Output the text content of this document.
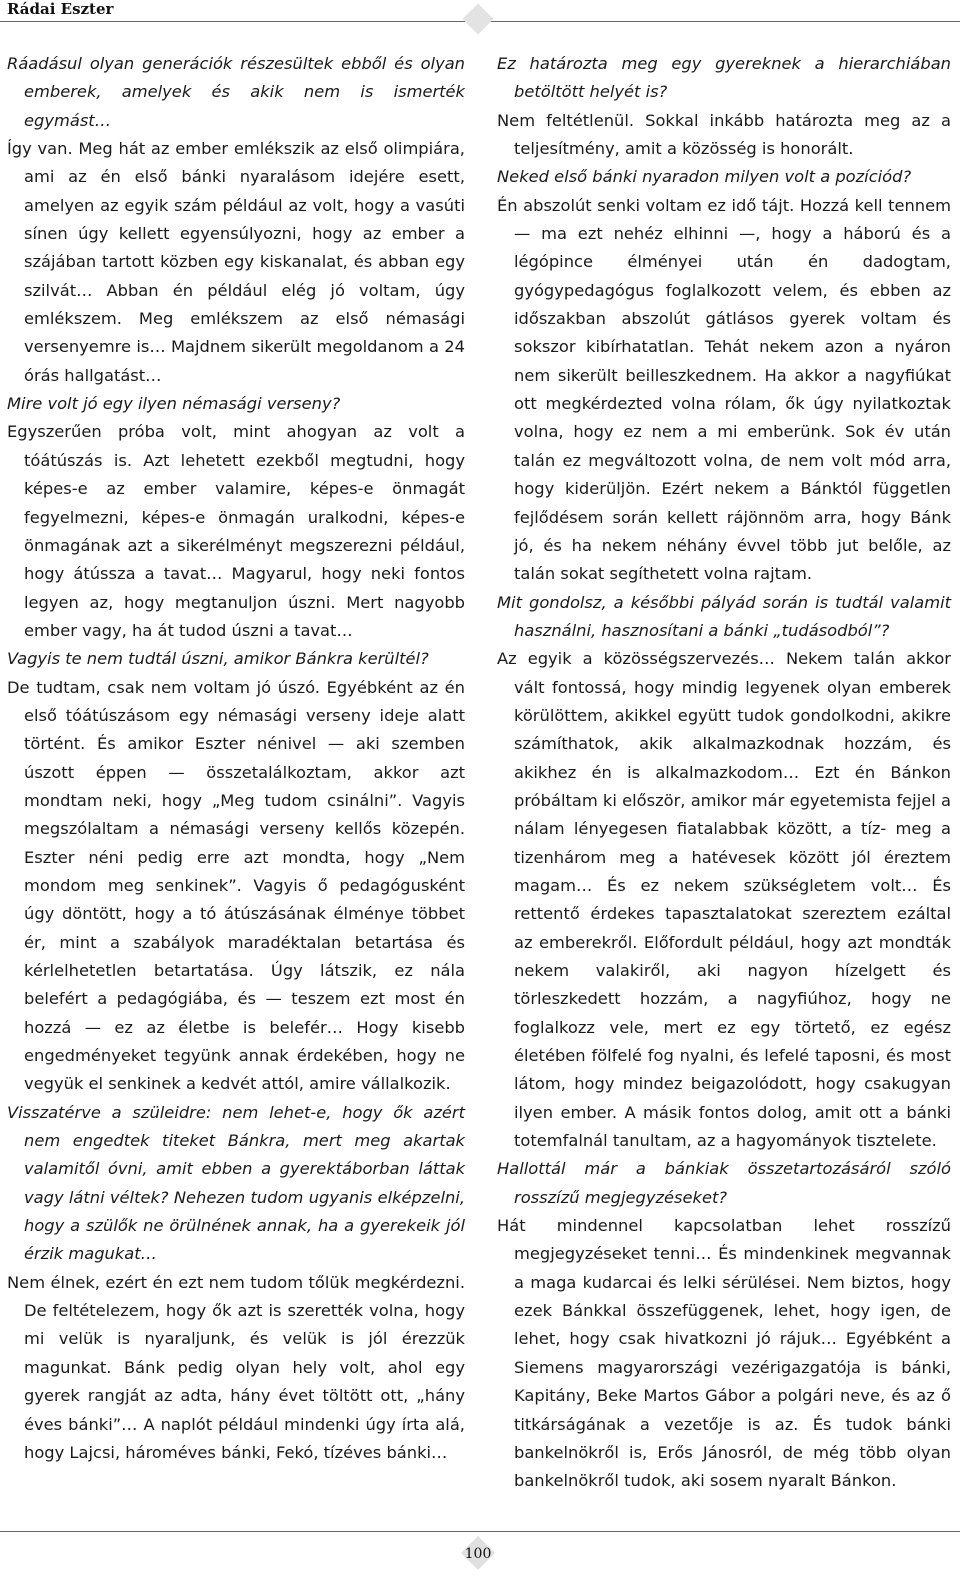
Rádai Eszter

Ráadásul olyan generációk részesültek ebből és olyan emberek, amelyek és akik nem is ismerték egymást…

Így van. Meg hát az ember emlékszik az első olimpiára, ami az én első bánki nyaralásom idejére esett, amelyen az egyik szám például az volt, hogy a vasúti sínen úgy kellett egyensúlyozni, hogy az ember a szájában tartott közben egy kiskanalat, és abban egy szilvát… Abban én például elég jó voltam, úgy emlékszem. Meg emlékszem az első némasági versenyemre is… Majdnem sikerült megoldanom a 24 órás hallgatást…

Mire volt jó egy ilyen némasági verseny?

Egyszerűen próba volt, mint ahogyan az volt a tóátúszás is. Azt lehetett ezekből megtudni, hogy képes-e az ember valamire, képes-e önmagát fegyelmezni, képes-e önmagán uralkodni, képes-e önmagának azt a sikerélményt megszerezni például, hogy átússza a tavat… Magyarul, hogy neki fontos legyen az, hogy megtanuljon úszni. Mert nagyobb ember vagy, ha át tudod úszni a tavat…

Vagyis te nem tudtál úszni, amikor Bánkra kerültél?

De tudtam, csak nem voltam jó úszó. Egyébként az én első tóátúszásom egy némasági verseny ideje alatt történt. És amikor Eszter nénivel — aki szemben úszott éppen — összetalálkoztam, akkor azt mondtam neki, hogy „Meg tudom csinálni”. Vagyis megszólaltam a némasági verseny kellős közepén. Eszter néni pedig erre azt mondta, hogy „Nem mondom meg senkinek”. Vagyis ő pedagógusként úgy döntött, hogy a tó átúszásának élménye többet ér, mint a szabályok maradéktalan betartása és kérlelhetetlen betartatása. Úgy látszik, ez nála belefért a pedagógiába, és — teszem ezt most én hozzá — ez az életbe is belefér… Hogy kisebb engedményeket tegyünk annak érdekében, hogy ne vegyük el senkinek a kedvét attól, amire vállalkozik.

Visszatérve a szüleidre: nem lehet-e, hogy ők azért nem engedtek titeket Bánkra, mert meg akartak valamitől óvni, amit ebben a gyerektáborban láttak vagy látni véltek? Nehezen tudom ugyanis elképzelni, hogy a szülők ne örülnének annak, ha a gyerekeik jól érzik magukat…

Nem élnek, ezért én ezt nem tudom tőlük megkérdezni. De feltételezem, hogy ők azt is szerették volna, hogy mi velük is nyaraljunk, és velük is jól érezzük magunkat. Bánk pedig olyan hely volt, ahol egy gyerek rangját az adta, hány évet töltött ott, „hány éves bánki”… A naplót például mindenki úgy írta alá, hogy Lajcsi, hároméves bánki, Fekó, tízéves bánki…

Ez határozta meg egy gyereknek a hierarchiában betöltött helyét is?

Nem feltétlenül. Sokkal inkább határozta meg az a teljesítmény, amit a közösség is honorált.

Neked első bánki nyaradon milyen volt a pozíciód?

Én abszolút senki voltam ez idő tájt. Hozzá kell tennem — ma ezt nehéz elhinni —, hogy a háború és a légópince élményei után én dadogtam, gyógypedagógus foglalkozott velem, és ebben az időszakban abszolút gátlásos gyerek voltam és sokszor kibírhatatlan. Tehát nekem azon a nyáron nem sikerült beilleszkednem. Ha akkor a nagyfiúkat ott megkérdezted volna rólam, ők úgy nyilatkoztak volna, hogy ez nem a mi emberünk. Sok év után talán ez megváltozott volna, de nem volt mód arra, hogy kiderüljön. Ezért nekem a Bánktól független fejlődésem során kellett rájönnöm arra, hogy Bánk jó, és ha nekem néhány évvel több jut belőle, az talán sokat segíthetett volna rajtam.

Mit gondolsz, a későbbi pályád során is tudtál valamit használni, hasznosítani a bánki „tudásodból”?

Az egyik a közösségszervezés… Nekem talán akkor vált fontossá, hogy mindig legyenek olyan emberek körülöttem, akikkel együtt tudok gondolkodni, akikre számíthatok, akik alkalmazkodnak hozzám, és akikhez én is alkalmazkodom… Ezt én Bánkon próbáltam ki először, amikor már egyetemista fejjel a nálam lényegesen fiatalabbak között, a tíz- meg a tizenhárom meg a hatévesek között jól éreztem magam… És ez nekem szükségletem volt… És rettentő érdekes tapasztalatokat szereztem ezáltal az emberekről. Előfordult például, hogy azt mondták nekem valakiről, aki nagyon hízelgett és törleszkedett hozzám, a nagyfiúhoz, hogy ne foglalkozz vele, mert ez egy törtető, ez egész életében fölfelé fog nyalni, és lefelé taposni, és most látom, hogy mindez beigazolódott, hogy csakugyan ilyen ember. A másik fontos dolog, amit ott a bánki totemfalnál tanultam, az a hagyományok tisztelete.

Hallottál már a bánkiak összetartozásáról szóló rosszízű megjegyzéseket?

Hát mindennel kapcsolatban lehet rosszízű megjegyzéseket tenni… És mindenkinek megvannak a maga kudarcai és lelki sérülései. Nem biztos, hogy ezek Bánkkal összefüggenek, lehet, hogy igen, de lehet, hogy csak hivatkozni jó rájuk… Egyébként a Siemens magyarországi vezérigazgatója is bánki, Kapitány, Beke Martos Gábor a polgári neve, és az ő titkárságának a vezetője is az. És tudok bánki bankelnökről is, Erős Jánosról, de még több olyan bankelnökről tudok, aki sosem nyaralt Bánkon.

100
